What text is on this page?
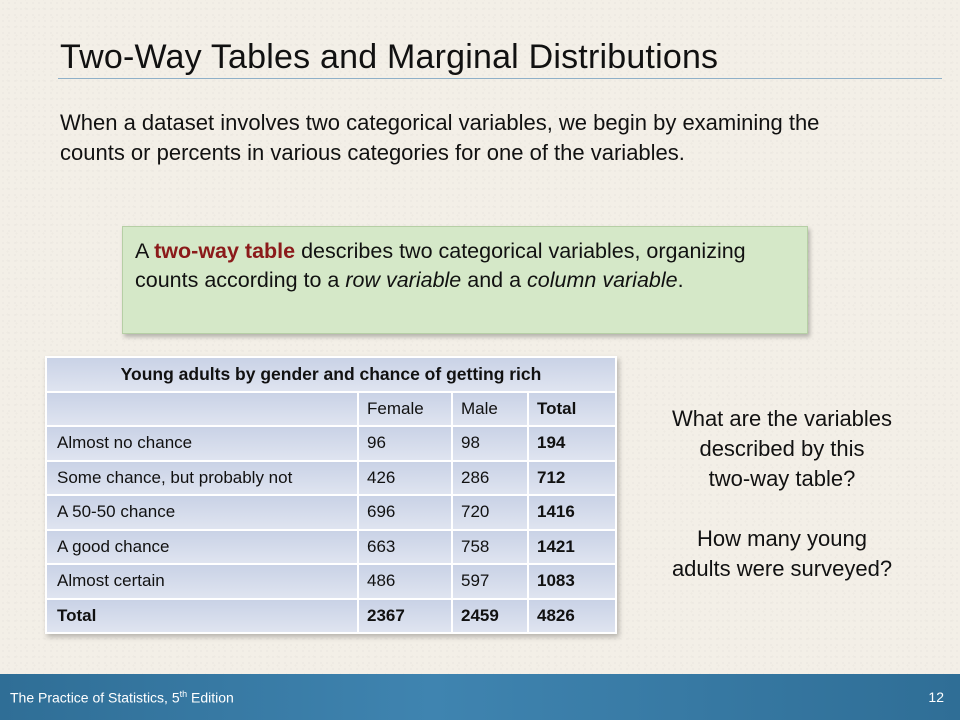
Two-Way Tables and Marginal Distributions

When a dataset involves two categorical variables, we begin by examining the counts or percents in various categories for one of the variables.

A two-way table describes two categorical variables, organizing counts according to a row variable and a column variable.
Young adults by gender and chance of getting rich			
	Female	Male	Total
Almost no chance	96	98	194
Some chance, but probably not	426	286	712
A 50-50 chance	696	720	1416
A good chance	663	758	1421
Almost certain	486	597	1083
Total	2367	2459	4826
What are the variables
described by this
two-way table?
How many young
adults were surveyed?
The Practice of Statistics, 5th Edition	12
